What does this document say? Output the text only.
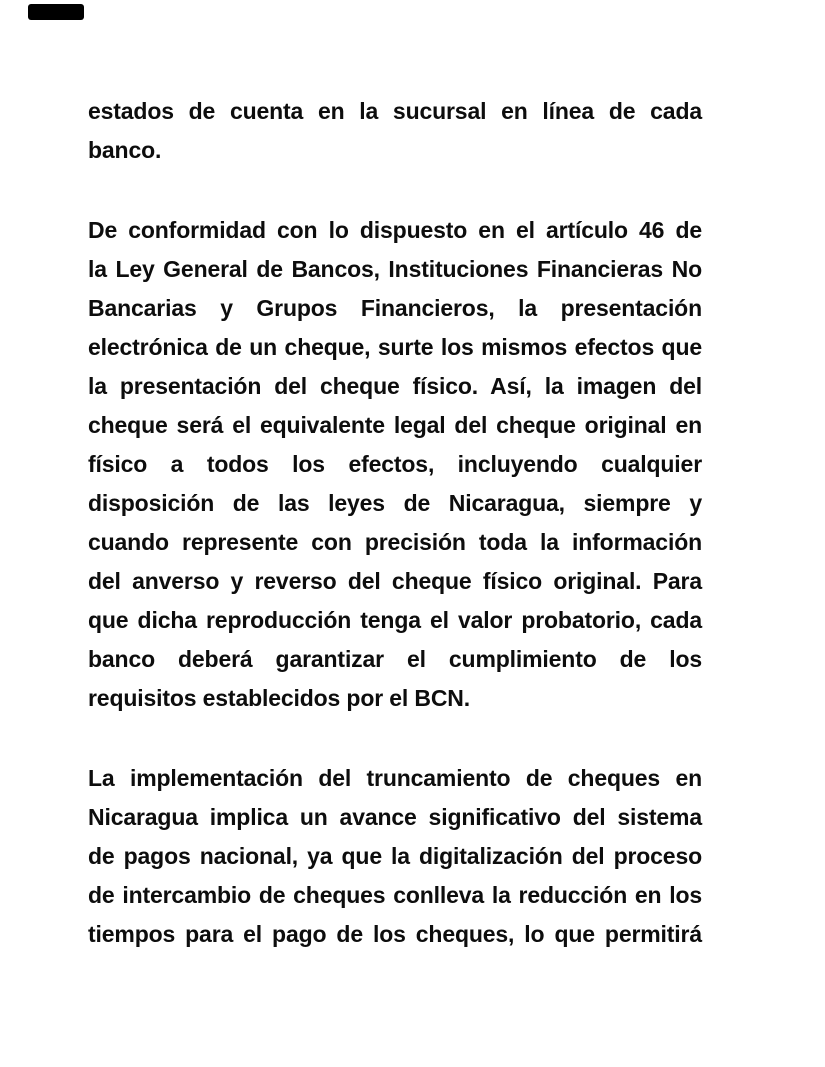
estados de cuenta en la sucursal en línea de cada
banco.
De conformidad con lo dispuesto en el artículo 46 de
la Ley General de Bancos, Instituciones Financieras No
Bancarias y Grupos Financieros, la presentación
electrónica de un cheque, surte los mismos efectos que
la presentación del cheque físico. Así, la imagen del
cheque será el equivalente legal del cheque original en
físico a todos los efectos, incluyendo cualquier
disposición de las leyes de Nicaragua, siempre y
cuando represente con precisión toda la información
del anverso y reverso del cheque físico original. Para
que dicha reproducción tenga el valor probatorio, cada
banco deberá garantizar el cumplimiento de los
requisitos establecidos por el BCN.
La implementación del truncamiento de cheques en
Nicaragua implica un avance significativo del sistema
de pagos nacional, ya que la digitalización del proceso
de intercambio de cheques conlleva la reducción en los
tiempos para el pago de los cheques, lo que permitirá
